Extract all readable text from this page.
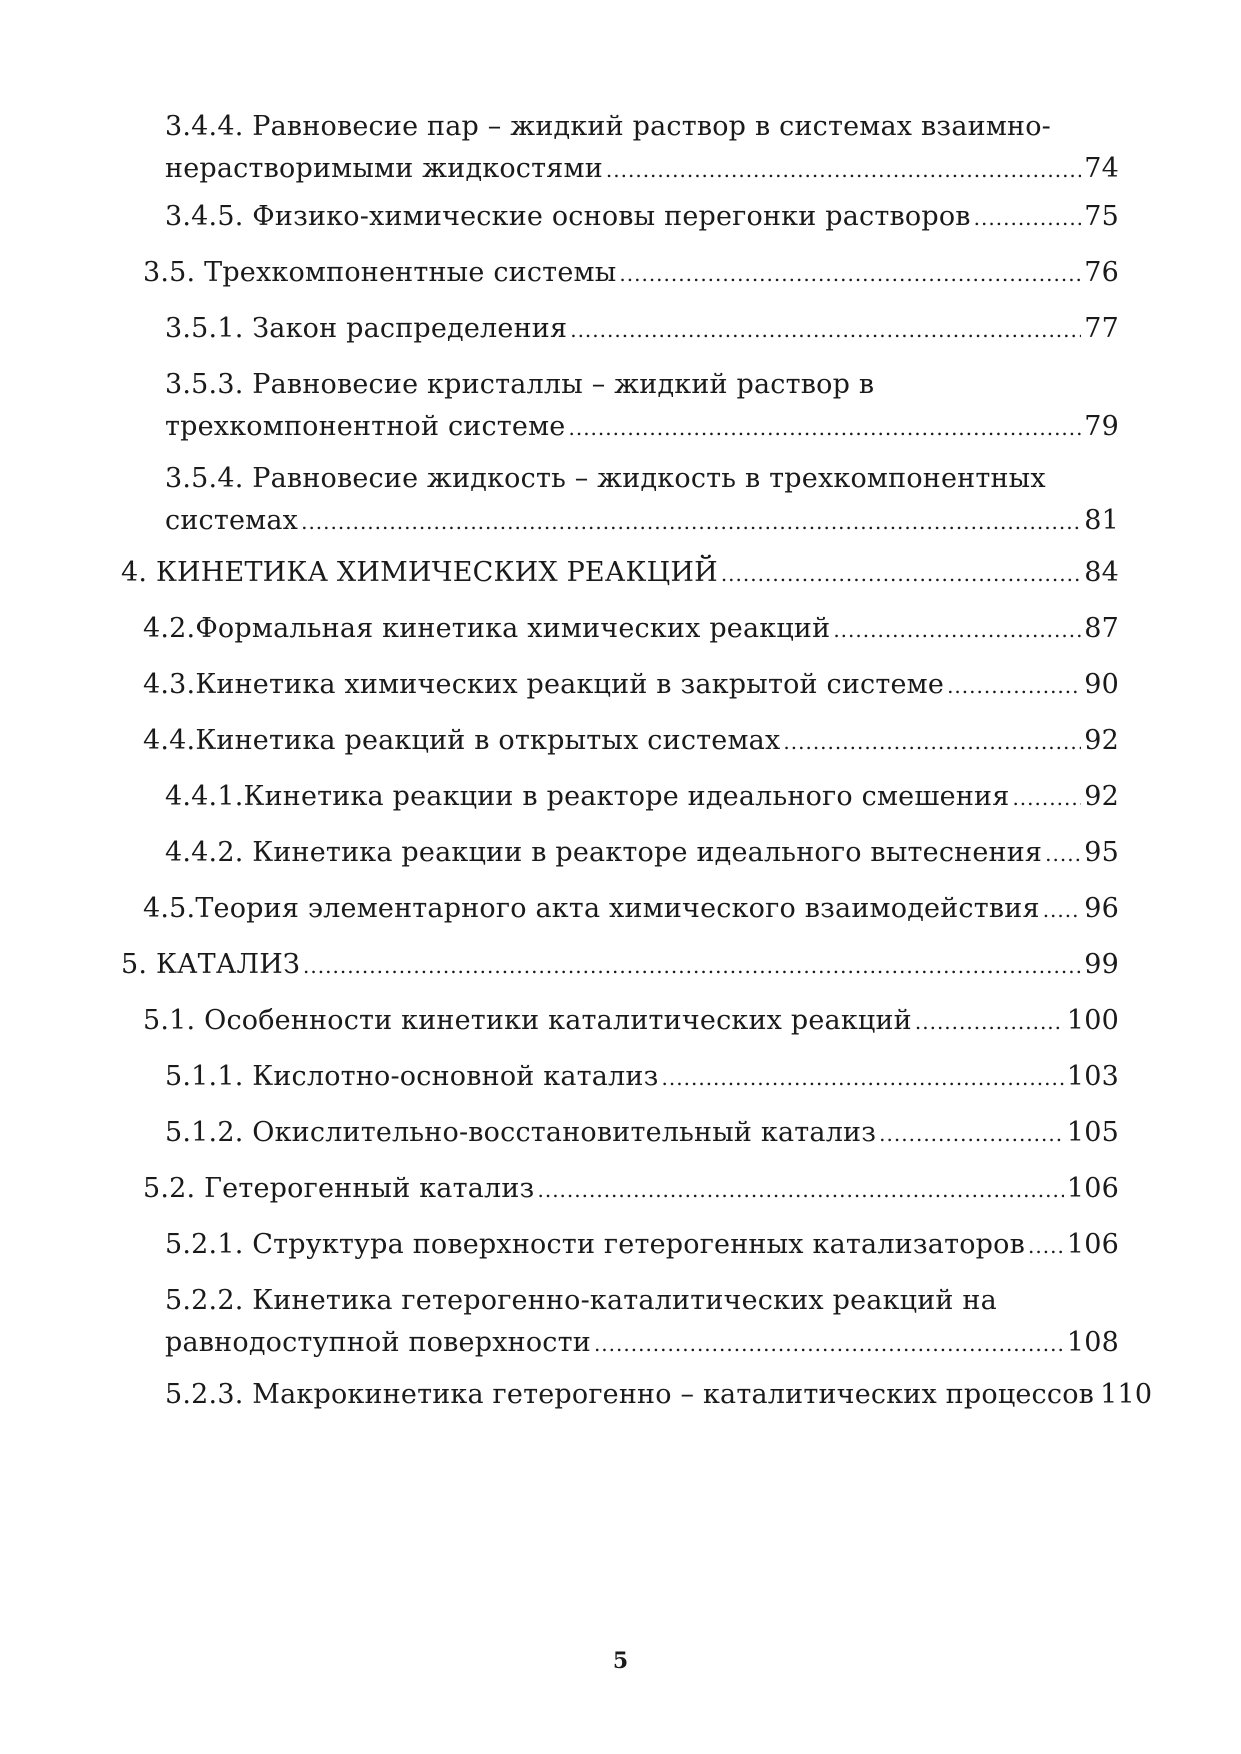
3.4.4. Равновесие пар – жидкий раствор в системах взаимно-
нерастворимыми жидкостями .....	74
3.4.5. Физико-химические основы перегонки растворов .....	75
3.5. Трехкомпонентные системы .....	76
3.5.1. Закон распределения .....	77
3.5.3. Равновесие кристаллы – жидкий раствор в
трехкомпонентной системе .....	79
3.5.4. Равновесие жидкость – жидкость в трехкомпонентных
системах .....	81
4. КИНЕТИКА ХИМИЧЕСКИХ РЕАКЦИЙ .....	84
4.2.Формальная кинетика химических реакций .....	87
4.3.Кинетика химических реакций в закрытой системе .....	90
4.4.Кинетика реакций в открытых системах .....	92
4.4.1.Кинетика реакции в реакторе идеального смешения .....	92
4.4.2. Кинетика реакции в реакторе идеального вытеснения ..... 95
4.5.Теория элементарного акта химического взаимодействия ..... 96
5. КАТАЛИЗ .....	99
5.1. Особенности кинетики каталитических реакций .....	100
5.1.1. Кислотно-основной катализ .....	103
5.1.2. Окислительно-восстановительный катализ .....	105
5.2. Гетерогенный катализ .....	106
5.2.1. Структура поверхности гетерогенных катализаторов ..... 106
5.2.2. Кинетика гетерогенно-каталитических реакций на
равнодоступной поверхности .....	108
5.2.3. Макрокинетика гетерогенно – каталитических процессов 110
5
